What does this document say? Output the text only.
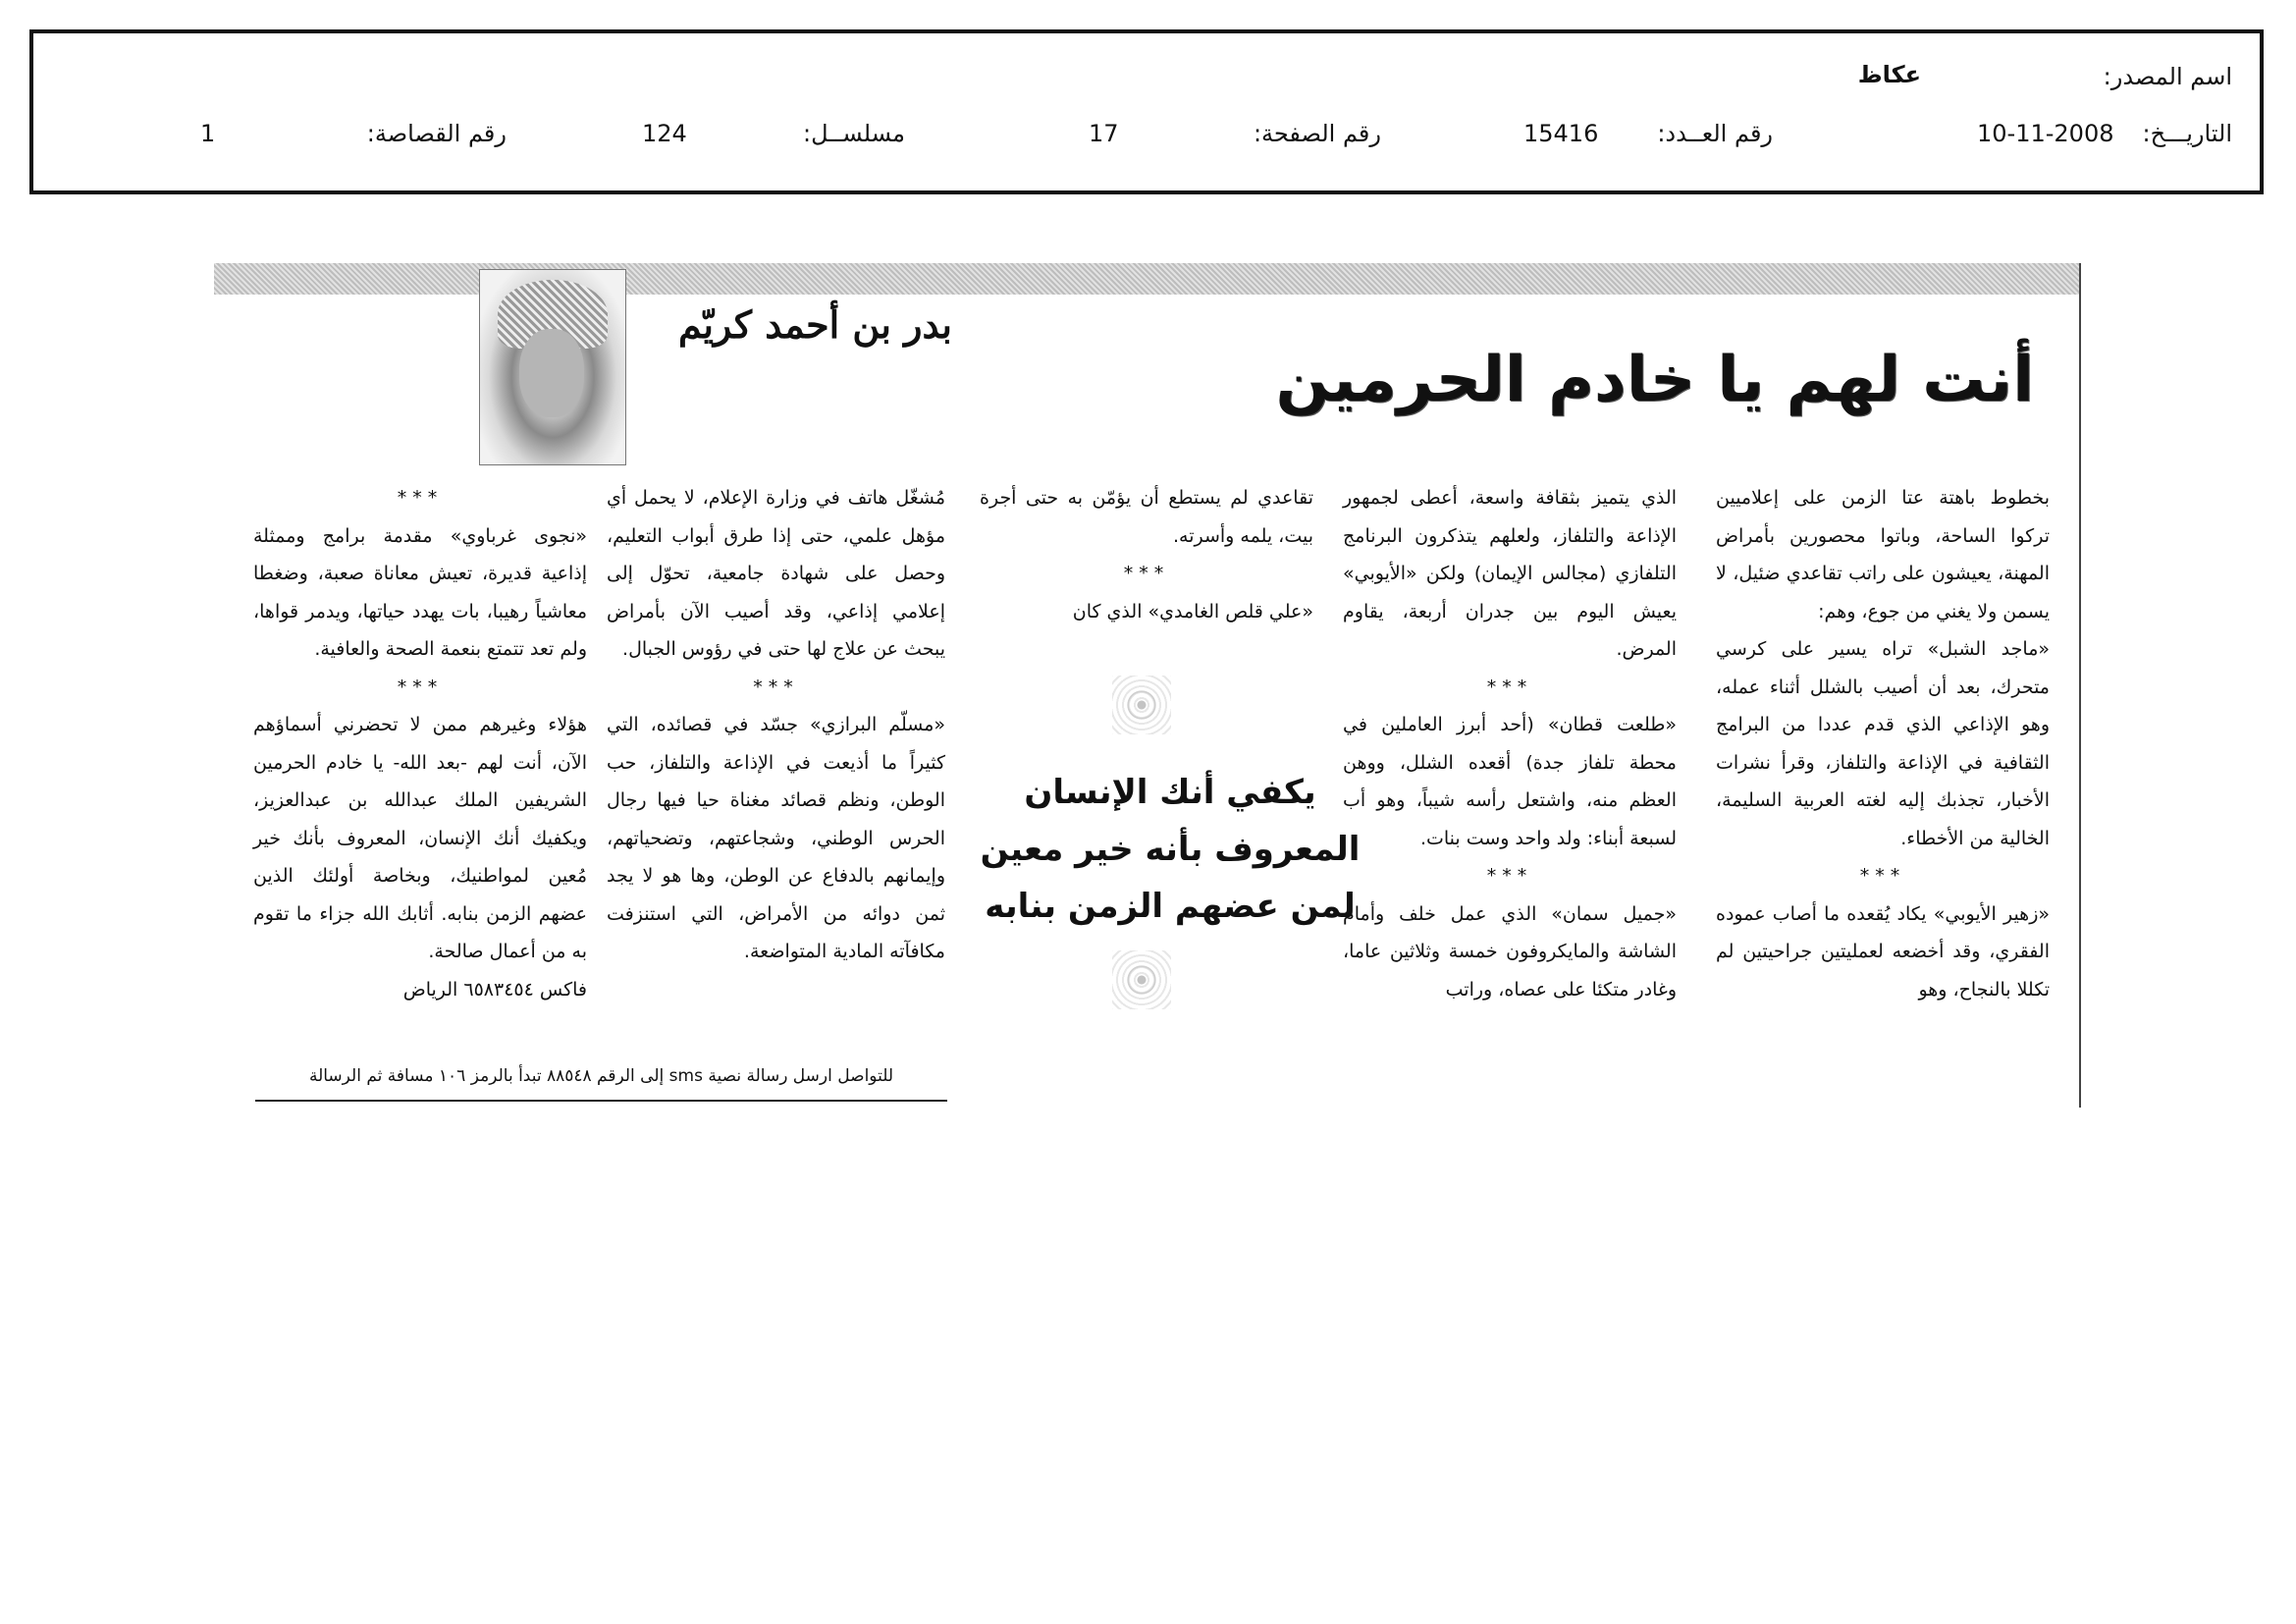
اسم المصدر:
عكاظ
التاريـــخ:
10-11-2008
رقم العــدد:
15416
رقم الصفحة:
17
مسلســل:
124
رقم القصاصة:
1
بدر بن أحمد كريّم
أنت لهم يا خادم الحرمين

بخطوط باهتة عتا الزمن على إعلاميين تركوا الساحة، وباتوا محصورين بأمراض المهنة، يعيشون على راتب تقاعدي ضئيل، لا يسمن ولا يغني من جوع، وهم:

«ماجد الشبل» تراه يسير على كرسي متحرك، بعد أن أصيب بالشلل أثناء عمله، وهو الإذاعي الذي قدم عددا من البرامج الثقافية في الإذاعة والتلفاز، وقرأ نشرات الأخبار، تجذبك إليه لغته العربية السليمة، الخالية من الأخطاء.

***

«زهير الأيوبي» يكاد يُقعده ما أصاب عموده الفقري، وقد أخضعه لعمليتين جراحيتين لم تكللا بالنجاح، وهو

الذي يتميز بثقافة واسعة، أعطى لجمهور الإذاعة والتلفاز، ولعلهم يتذكرون البرنامج التلفازي (مجالس الإيمان) ولكن «الأيوبي» يعيش اليوم بين جدران أربعة، يقاوم المرض.

***

«طلعت قطان» (أحد أبرز العاملين في محطة تلفاز جدة) أقعده الشلل، ووهن العظم منه، واشتعل رأسه شيباً، وهو أب لسبعة أبناء: ولد واحد وست بنات.

***

«جميل سمان» الذي عمل خلف وأمام الشاشة والمايكروفون خمسة وثلاثين عاما، وغادر متكئا على عصاه، وراتب

تقاعدي لم يستطع أن يؤمّن به حتى أجرة بيت، يلمه وأسرته.

***

«علي قلص الغامدي» الذي كان

يكفي أنك الإنسان المعروف بأنه خير معين لمن عضهم الزمن بنابه

مُشغّل هاتف في وزارة الإعلام، لا يحمل أي مؤهل علمي، حتى إذا طرق أبواب التعليم، وحصل على شهادة جامعية، تحوّل إلى إعلامي إذاعي، وقد أصيب الآن بأمراض يبحث عن علاج لها حتى في رؤوس الجبال.

***

«مسلّم البرازي» جسّد في قصائده، التي كثيراً ما أذيعت في الإذاعة والتلفاز، حب الوطن، ونظم قصائد مغناة حيا فيها رجال الحرس الوطني، وشجاعتهم، وتضحياتهم، وإيمانهم بالدفاع عن الوطن، وها هو لا يجد ثمن دوائه من الأمراض، التي استنزفت مكافآته المادية المتواضعة.

***

«نجوى غرباوي» مقدمة برامج وممثلة إذاعية قديرة، تعيش معاناة صعبة، وضغطا معاشياً رهيبا، بات يهدد حياتها، ويدمر قواها، ولم تعد تتمتع بنعمة الصحة والعافية.

***

هؤلاء وغيرهم ممن لا تحضرني أسماؤهم الآن، أنت لهم -بعد الله- يا خادم الحرمين الشريفين الملك عبدالله بن عبدالعزيز، ويكفيك أنك الإنسان، المعروف بأنك خير مُعين لمواطنيك، وبخاصة أولئك الذين عضهم الزمن بنابه. أثابك الله جزاء ما تقوم به من أعمال صالحة.

فاكس ٦٥٨٣٤٥٤ الرياض

للتواصل ارسل رسالة نصية sms إلى الرقم ٨٨٥٤٨ تبدأ بالرمز ١٠٦ مسافة ثم الرسالة
